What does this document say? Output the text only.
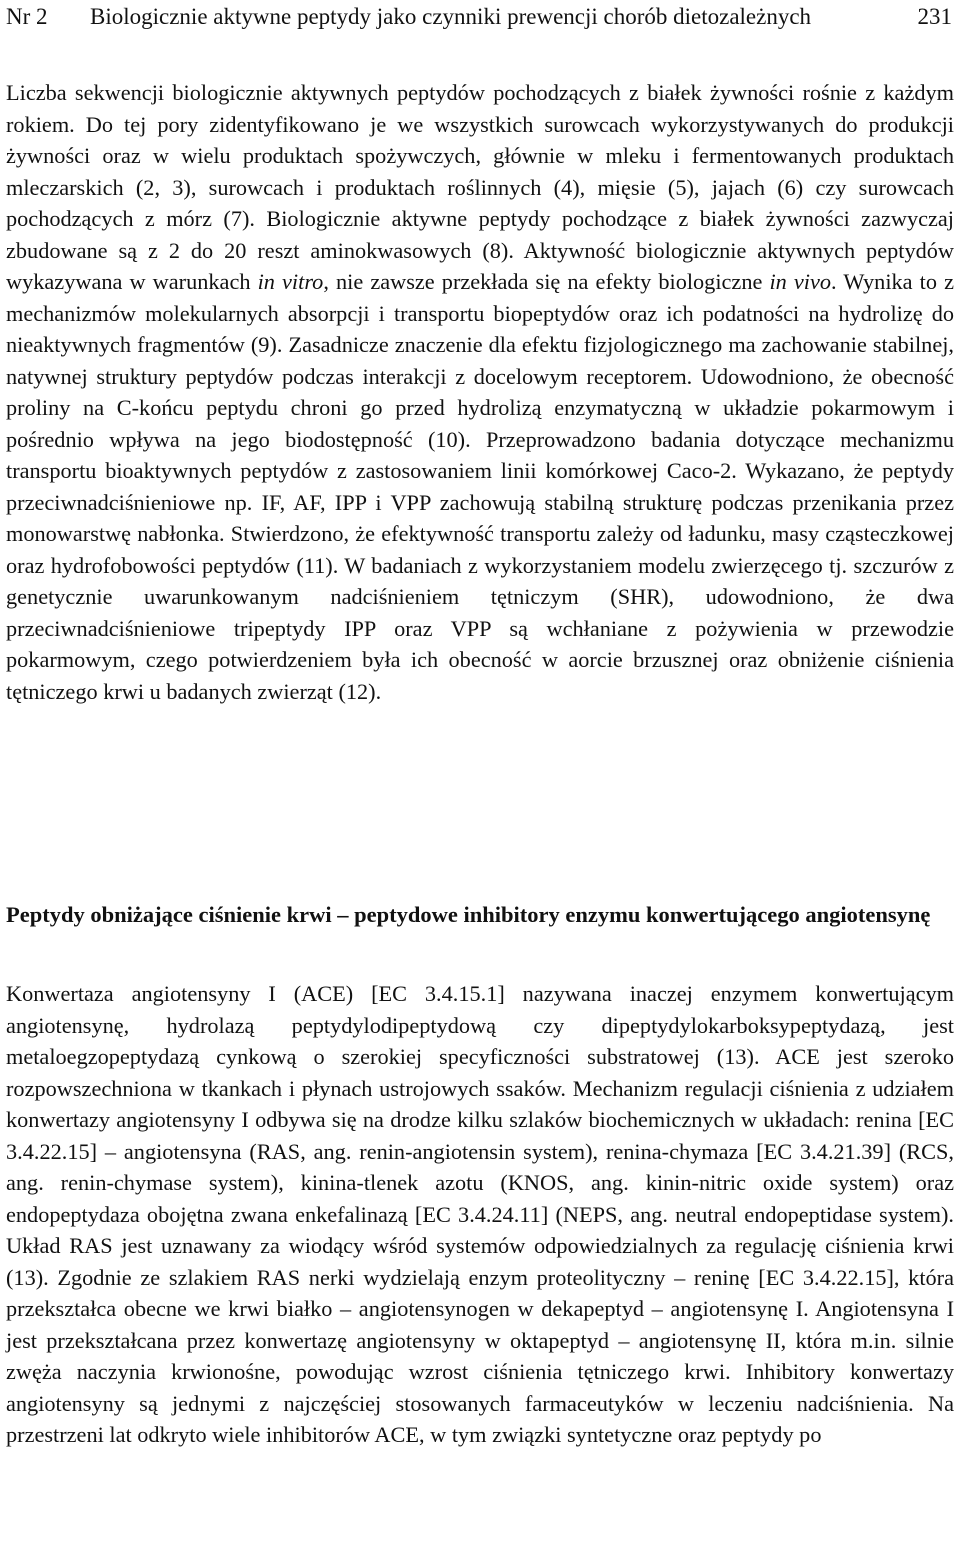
Nr 2 Biologicznie aktywne peptydy jako czynniki prewencji chorób dietozależnych	231

Liczba sekwencji biologicznie aktywnych peptydów pochodzących z białek żywności rośnie z każdym rokiem. Do tej pory zidentyfikowano je we wszystkich surowcach wykorzystywanych do produkcji żywności oraz w wielu produktach spożywczych, głównie w mleku i fermentowanych produktach mleczarskich (2, 3), surowcach i produktach roślinnych (4), mięsie (5), jajach (6) czy surowcach pochodzących z mórz (7). Biologicznie aktywne peptydy pochodzące z białek żywności zazwyczaj zbudowane są z 2 do 20 reszt aminokwasowych (8). Aktywność biologicznie aktywnych peptydów wykazywana w warunkach in vitro, nie zawsze przekłada się na efekty biologiczne in vivo. Wynika to z mechanizmów molekularnych absorpcji i transportu biopeptydów oraz ich podatności na hydrolizę do nieaktywnych fragmentów (9). Zasadnicze znaczenie dla efektu fizjologicznego ma zachowanie stabilnej, natywnej struktury peptydów podczas interakcji z docelowym receptorem. Udowodniono, że obecność proliny na C-końcu peptydu chroni go przed hydrolizą enzymatyczną w układzie pokarmowym i pośrednio wpływa na jego biodostępność (10). Przeprowadzono badania dotyczące mechanizmu transportu bioaktywnych peptydów z zastosowaniem linii komórkowej Caco-2. Wykazano, że peptydy przeciwnadciśnieniowe np. IF, AF, IPP i VPP zachowują stabilną strukturę podczas przenikania przez monowarstwę nabłonka. Stwierdzono, że efektywność transportu zależy od ładunku, masy cząsteczkowej oraz hydrofobowości peptydów (11). W badaniach z wykorzystaniem modelu zwierzęcego tj. szczurów z genetycznie uwarunkowanym nadciśnieniem tętniczym (SHR), udowodniono, że dwa przeciwnadciśnieniowe tripeptydy IPP oraz VPP są wchłaniane z pożywienia w przewodzie pokarmowym, czego potwierdzeniem była ich obecność w aorcie brzusznej oraz obniżenie ciśnienia tętniczego krwi u badanych zwierząt (12).

Peptydy obniżające ciśnienie krwi – peptydowe inhibitory enzymu konwertującego angiotensynę

Konwertaza angiotensyny I (ACE) [EC 3.4.15.1] nazywana inaczej enzymem konwertującym angiotensynę, hydrolazą peptydylodipeptydową czy dipeptydylokarboksypeptydazą, jest metaloegzopeptydazą cynkową o szerokiej specyficzności substratowej (13). ACE jest szeroko rozpowszechniona w tkankach i płynach ustrojowych ssaków. Mechanizm regulacji ciśnienia z udziałem konwertazy angiotensyny I odbywa się na drodze kilku szlaków biochemicznych w układach: renina [EC 3.4.22.15] – angiotensyna (RAS, ang. renin-angiotensin system), renina-chymaza [EC 3.4.21.39] (RCS, ang. renin-chymase system), kinina-tlenek azotu (KNOS, ang. kinin-nitric oxide system) oraz endopeptydaza obojętna zwana enkefalinazą [EC 3.4.24.11] (NEPS, ang. neutral endopeptidase system). Układ RAS jest uznawany za wiodący wśród systemów odpowiedzialnych za regulację ciśnienia krwi (13). Zgodnie ze szlakiem RAS nerki wydzielają enzym proteolityczny – reninę [EC 3.4.22.15], która przekształca obecne we krwi białko – angiotensynogen w dekapeptyd – angiotensynę I. Angiotensyna I jest przekształcana przez konwertazę angiotensyny w oktapeptyd – angiotensynę II, która m.in. silnie zwęża naczynia krwionośne, powodując wzrost ciśnienia tętniczego krwi. Inhibitory konwertazy angiotensyny są jednymi z najczęściej stosowanych farmaceutyków w leczeniu nadciśnienia. Na przestrzeni lat odkryto wiele inhibitorów ACE, w tym związki syntetyczne oraz peptydy po
